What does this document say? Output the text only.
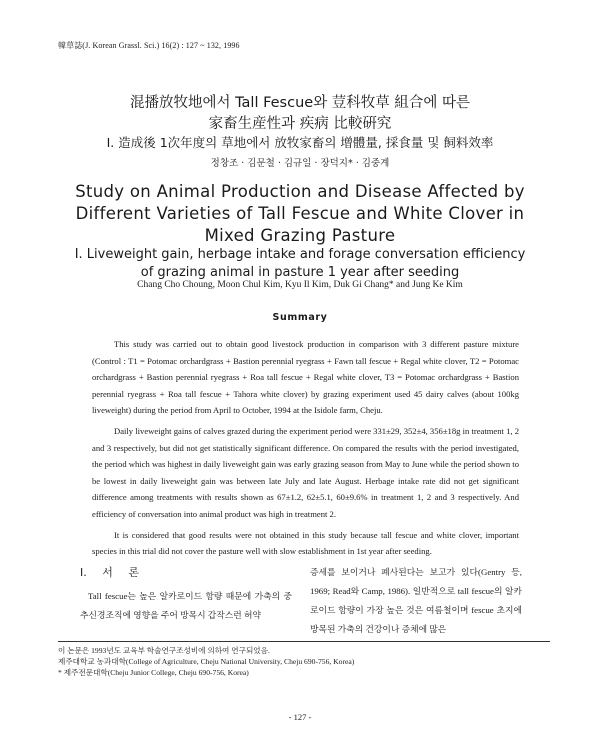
韓草誌(J. Korean Grassl. Sci.) 16(2) : 127 ~ 132, 1996
混播放牧地에서 Tall Fescue와 荳科牧草 組合에 따른
家畜生産性과 疾病 比較硏究
Ⅰ. 造成後 1次年度의 草地에서 放牧家畜의 增體量, 採食量 및 飼料效率
정창조 · 김문철 · 김규일 · 장덕지* · 김중계
Study on Animal Production and Disease Affected by
Different Varieties of Tall Fescue and White Clover in
Mixed Grazing Pasture
Ⅰ. Liveweight gain, herbage intake and forage conversation efficiency
of grazing animal in pasture 1 year after seeding
Chang Cho Choung, Moon Chul Kim, Kyu Il Kim, Duk Gi Chang* and Jung Ke Kim
Summary

This study was carried out to obtain good livestock production in comparison with 3 different pasture mixture (Control : T1 = Potomac orchardgrass + Bastion perennial ryegrass + Fawn tall fescue + Regal white clover, T2 = Potomac orchardgrass + Bastion perennial ryegrass + Roa tall fescue + Regal white clover, T3 = Potomac orchardgrass + Bastion perennial ryegrass + Roa tall fescue + Tahora white clover) by grazing experiment used 45 dairy calves (about 100kg liveweight) during the period from April to October, 1994 at the Isidole farm, Cheju.

Daily liveweight gains of calves grazed during the experiment period were 331±29, 352±4, 356±18g in treatment 1, 2 and 3 respectively, but did not get statistically significant difference. On compared the results with the period investigated, the period which was highest in daily liveweight gain was early grazing season from May to June while the period shown to be lowest in daily liveweight gain was between late July and late August. Herbage intake rate did not get significant difference among treatments with results shown as 67±1.2, 62±5.1, 60±9.6% in treatment 1, 2 and 3 respectively. And efficiency of conversation into animal product was high in treatment 2.

It is considered that good results were not obtained in this study because tall fescue and white clover, important species in this trial did not cover the pasture well with slow establishment in 1st year after seeding.

Ⅰ. 서 론

Tall fescue는 높은 알카로이드 함량 때문에 가축의 중추신경조직에 영향을 주어 방목시 갑작스런 허약

증세를 보이거나 폐사된다는 보고가 있다(Gentry 등, 1969; Read와 Camp, 1986). 일반적으로 tall fescue의 알카로이드 함량이 가장 높은 것은 여름철이며 fescue 초지에 방목된 가축의 건강이나 증체에 많은

이 논문은 1993년도 교육부 학술연구조성비에 의하여 연구되었음.
제주대학교 농과대학(College of Agriculture, Cheju National University, Cheju 690-756, Korea)
* 제주전문대학(Cheju Junior College, Cheju 690-756, Korea)
- 127 -
